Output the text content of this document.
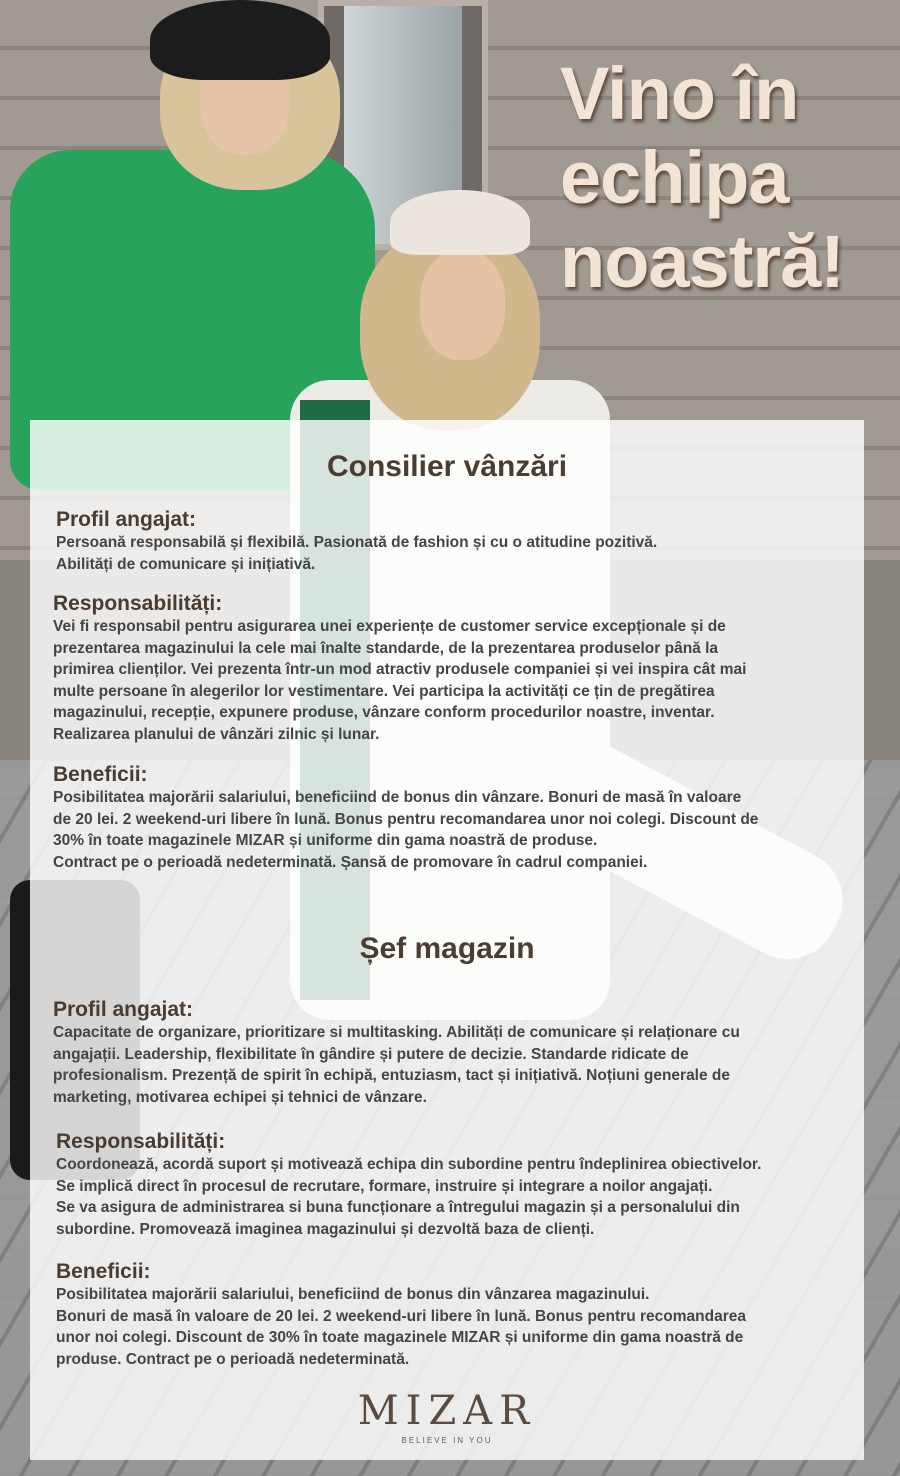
Vino în
echipa
noastră!
Consilier vânzări
Profil angajat:

Persoană responsabilă și flexibilă. Pasionată de fashion și cu o atitudine pozitivă.

Abilități de comunicare și inițiativă.

Responsabilități:

Vei fi responsabil pentru asigurarea unei experiențe de customer service excepționale și de

prezentarea magazinului la cele mai înalte standarde, de la prezentarea produselor până la

primirea clienților. Vei prezenta într-un mod atractiv produsele companiei și vei inspira cât mai

multe persoane în alegerilor lor vestimentare. Vei participa la activități ce țin de pregătirea

magazinului, recepție, expunere produse, vânzare conform procedurilor noastre, inventar.

Realizarea planului de vânzări zilnic și lunar.

Beneficii:

Posibilitatea majorării salariului, beneficiind de bonus din vânzare. Bonuri de masă în valoare

de 20 lei. 2 weekend-uri libere în lună. Bonus pentru recomandarea unor noi colegi. Discount de

30% în toate magazinele MIZAR și uniforme din gama noastră de produse.

Contract pe o perioadă nedeterminată. Șansă de promovare în cadrul companiei.

Șef magazin
Profil angajat:

Capacitate de organizare, prioritizare si multitasking. Abilități de comunicare și relaționare cu

angajații. Leadership, flexibilitate în gândire și putere de decizie. Standarde ridicate de

profesionalism. Prezență de spirit în echipă, entuziasm, tact și inițiativă. Noțiuni generale de

marketing, motivarea echipei și tehnici de vânzare.

Responsabilități:

Coordonează, acordă suport și motivează echipa din subordine pentru îndeplinirea obiectivelor.

Se implică direct în procesul de recrutare, formare, instruire și integrare a noilor angajați.

Se va asigura de administrarea si buna funcționare a întregului magazin și a personalului din

subordine. Promovează imaginea magazinului și dezvoltă baza de clienți.

Beneficii:

Posibilitatea majorării salariului, beneficiind de bonus din vânzarea magazinului.

Bonuri de masă în valoare de 20 lei. 2 weekend-uri libere în lună. Bonus pentru recomandarea

unor noi colegi. Discount de 30% în toate magazinele MIZAR și uniforme din gama noastră de

produse. Contract pe o perioadă nedeterminată.

MIZAR
BELIEVE IN YOU
